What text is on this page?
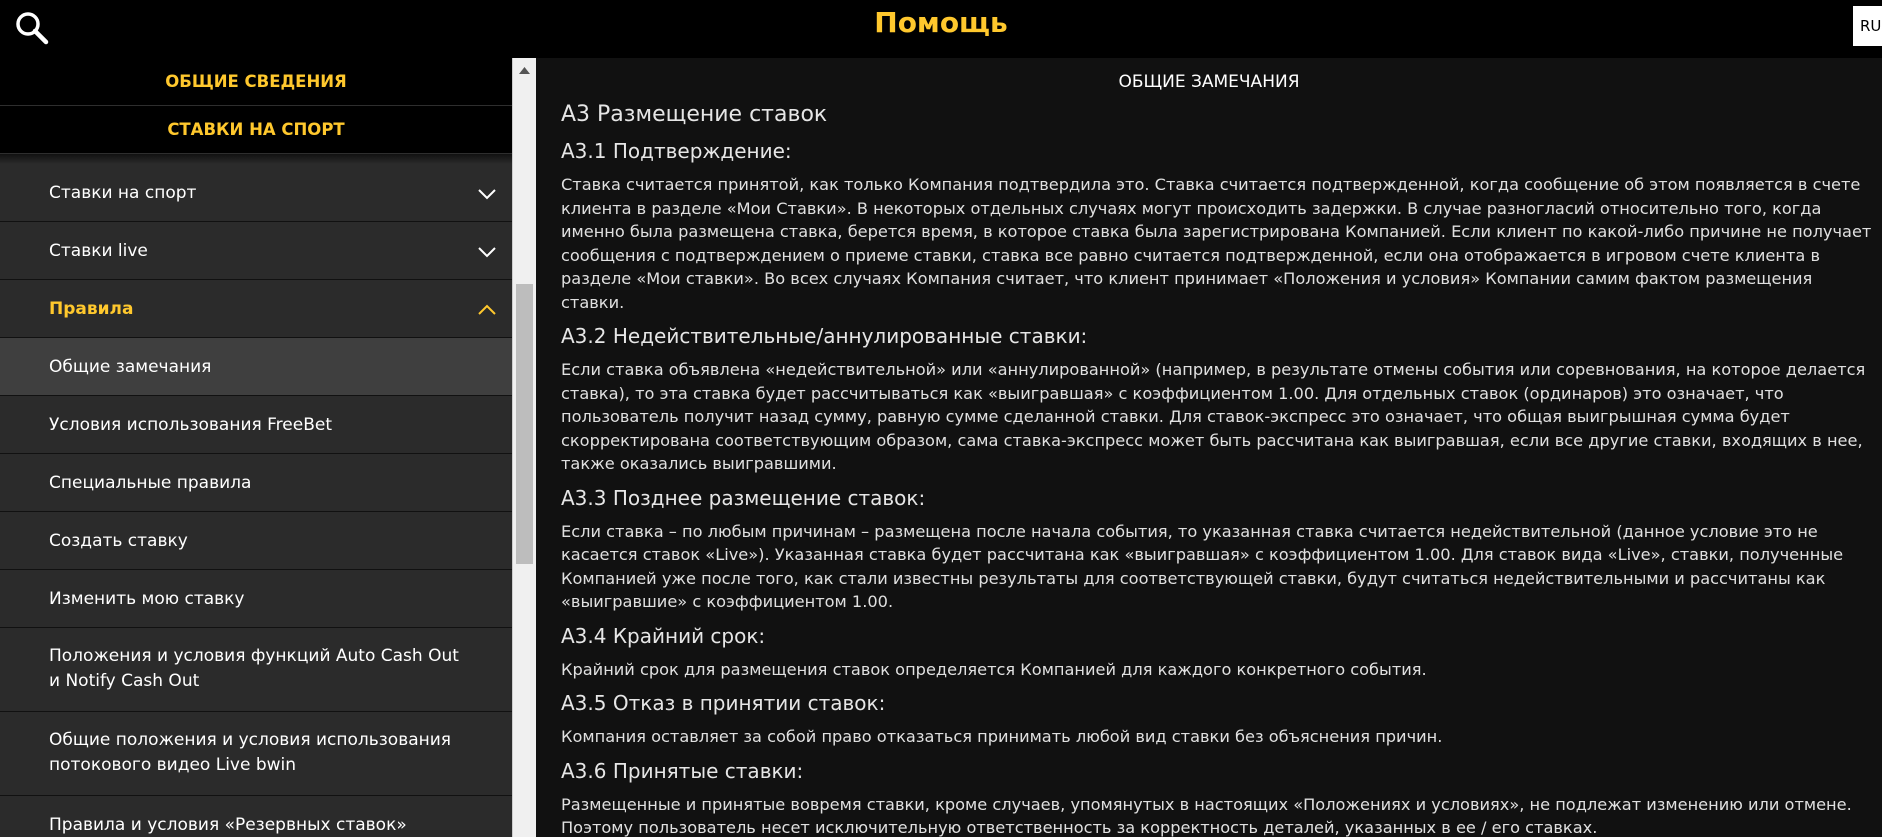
Помощь	RU
ОБЩИЕ СВЕДЕНИЯ
СТАВКИ НА СПОРТ
Ставки на спорт
Ставки live
Правила
Общие замечания
Условия использования FreeBet
Специальные правила
Создать ставку
Изменить мою ставку
Положения и условия функций Auto Cash Out и Notify Cash Out
Общие положения и условия использования потокового видео Live bwin
Правила и условия «Резервных ставок»
ОБЩИЕ ЗАМЕЧАНИЯ
А3 Размещение ставок
А3.1 Подтверждение:
Ставка считается принятой, как только Компания подтвердила это. Ставка считается подтвержденной, когда сообщение об этом появляется в счете клиента в разделе «Мои Ставки». В некоторых отдельных случаях могут происходить задержки. В случае разногласий относительно того, когда именно была размещена ставка, берется время, в которое ставка была зарегистрирована Компанией. Если клиент по какой-либо причине не получает сообщения с подтверждением о приеме ставки, ставка все равно считается подтвержденной, если она отображается в игровом счете клиента в разделе «Мои ставки». Во всех случаях Компания считает, что клиент принимает «Положения и условия» Компании самим фактом размещения ставки.
А3.2 Недействительные/аннулированные ставки:
Если ставка объявлена «недействительной» или «аннулированной» (например, в результате отмены события или соревнования, на которое делается ставка), то эта ставка будет рассчитываться как «выигравшая» с коэффициентом 1.00. Для отдельных ставок (ординаров) это означает, что пользователь получит назад сумму, равную сумме сделанной ставки. Для ставок-экспресс это означает, что общая выигрышная сумма будет скорректирована соответствующим образом, сама ставка-экспресс может быть рассчитана как выигравшая, если все другие ставки, входящих в нее, также оказались выигравшими.
А3.3 Позднее размещение ставок:
Если ставка – по любым причинам – размещена после начала события, то указанная ставка считается недействительной (данное условие это не касается ставок «Live»). Указанная ставка будет рассчитана как «выигравшая» с коэффициентом 1.00. Для ставок вида «Live», ставки, полученные Компанией уже после того, как стали известны результаты для соответствующей ставки, будут считаться недействительными и рассчитаны как «выигравшие» с коэффициентом 1.00.
А3.4 Крайний срок:
Крайний срок для размещения ставок определяется Компанией для каждого конкретного события.
А3.5 Отказ в принятии ставок:
Компания оставляет за собой право отказаться принимать любой вид ставки без объяснения причин.
А3.6 Принятые ставки:
Размещенные и принятые вовремя ставки, кроме случаев, упомянутых в настоящих «Положениях и условиях», не подлежат изменению или отмене. Поэтому пользователь несет исключительную ответственность за корректность деталей, указанных в ее / его ставках.
